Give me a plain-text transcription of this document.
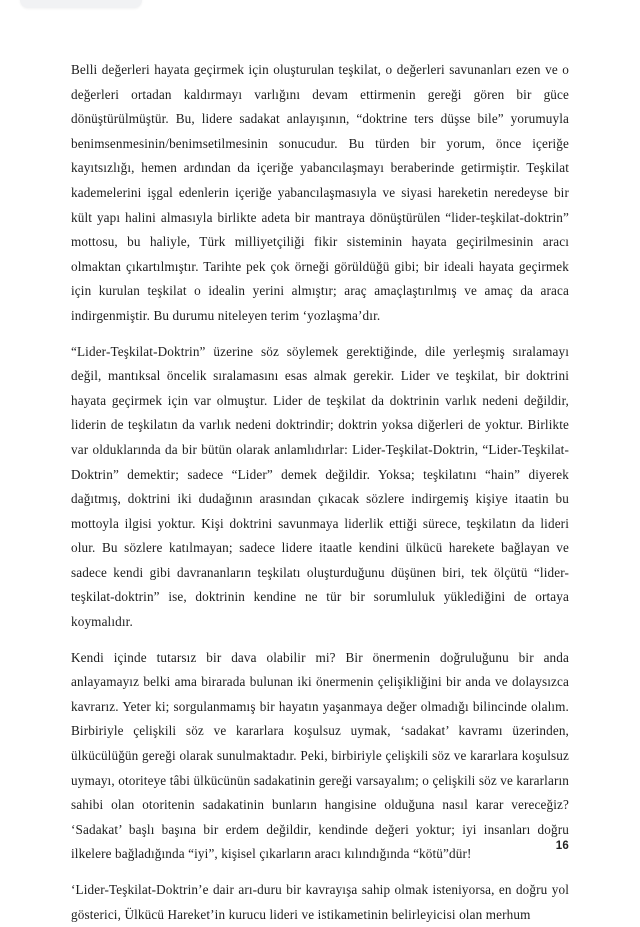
Belli değerleri hayata geçirmek için oluşturulan teşkilat, o değerleri savunanları ezen ve o değerleri ortadan kaldırmayı varlığını devam ettirmenin gereği gören bir güce dönüştürülmüştür. Bu, lidere sadakat anlayışının, “doktrine ters düşse bile” yorumuyla benimsenmesinin/benimsetilmesinin sonucudur. Bu türden bir yorum, önce içeriğe kayıtsızlığı, hemen ardından da içeriğe yabancılaşmayı beraberinde getirmiştir. Teşkilat kademelerini işgal edenlerin içeriğe yabancılaşmasıyla ve siyasi hareketin neredeyse bir kült yapı halini almasıyla birlikte adeta bir mantraya dönüştürülen “lider-teşkilat-doktrin” mottosu, bu haliyle, Türk milliyetçiliği fikir sisteminin hayata geçirilmesinin aracı olmaktan çıkartılmıştır. Tarihte pek çok örneği görüldüğü gibi; bir ideali hayata geçirmek için kurulan teşkilat o idealin yerini almıştır; araç amaçlaştırılmış ve amaç da araca indirgenmiştir. Bu durumu niteleyen terim ‘yozlaşma’dır.

“Lider-Teşkilat-Doktrin” üzerine söz söylemek gerektiğinde, dile yerleşmiş sıralamayı değil, mantıksal öncelik sıralamasını esas almak gerekir. Lider ve teşkilat, bir doktrini hayata geçirmek için var olmuştur. Lider de teşkilat da doktrinin varlık nedeni değildir, liderin de teşkilatın da varlık nedeni doktrindir; doktrin yoksa diğerleri de yoktur. Birlikte var olduklarında da bir bütün olarak anlamlıdırlar: Lider-Teşkilat-Doktrin, “Lider-Teşkilat-Doktrin” demektir; sadece “Lider” demek değildir. Yoksa; teşkilatını “hain” diyerek dağıtmış, doktrini iki dudağının arasından çıkacak sözlere indirgemiş kişiye itaatin bu mottoyla ilgisi yoktur. Kişi doktrini savunmaya liderlik ettiği sürece, teşkilatın da lideri olur. Bu sözlere katılmayan; sadece lidere itaatle kendini ülkücü harekete bağlayan ve sadece kendi gibi davrananların teşkilatı oluşturduğunu düşünen biri, tek ölçütü “lider-teşkilat-doktrin” ise, doktrinin kendine ne tür bir sorumluluk yüklediğini de ortaya koymalıdır.

Kendi içinde tutarsız bir dava olabilir mi? Bir önermenin doğruluğunu bir anda anlayamayız belki ama birarada bulunan iki önermenin çelişikliğini bir anda ve dolaysızca kavrarız. Yeter ki; sorgulanmamış bir hayatın yaşanmaya değer olmadığı bilincinde olalım. Birbiriyle çelişkili söz ve kararlara koşulsuz uymak, ‘sadakat’ kavramı üzerinden, ülkücülüğün gereği olarak sunulmaktadır. Peki, birbiriyle çelişkili söz ve kararlara koşulsuz uymayı, otoriteye tâbi ülkücünün sadakatinin gereği varsayalım; o çelişkili söz ve kararların sahibi olan otoritenin sadakatinin bunların hangisine olduğuna nasıl karar vereceğiz? ‘Sadakat’ başlı başına bir erdem değildir, kendinde değeri yoktur; iyi insanları doğru ilkelere bağladığında “iyi”, kişisel çıkarların aracı kılındığında “kötü”dür!

‘Lider-Teşkilat-Doktrin’e dair arı-duru bir kavrayışa sahip olmak isteniyorsa, en doğru yol gösterici, Ülkücü Hareket’in kurucu lideri ve istikametinin belirleyicisi olan merhum

16
